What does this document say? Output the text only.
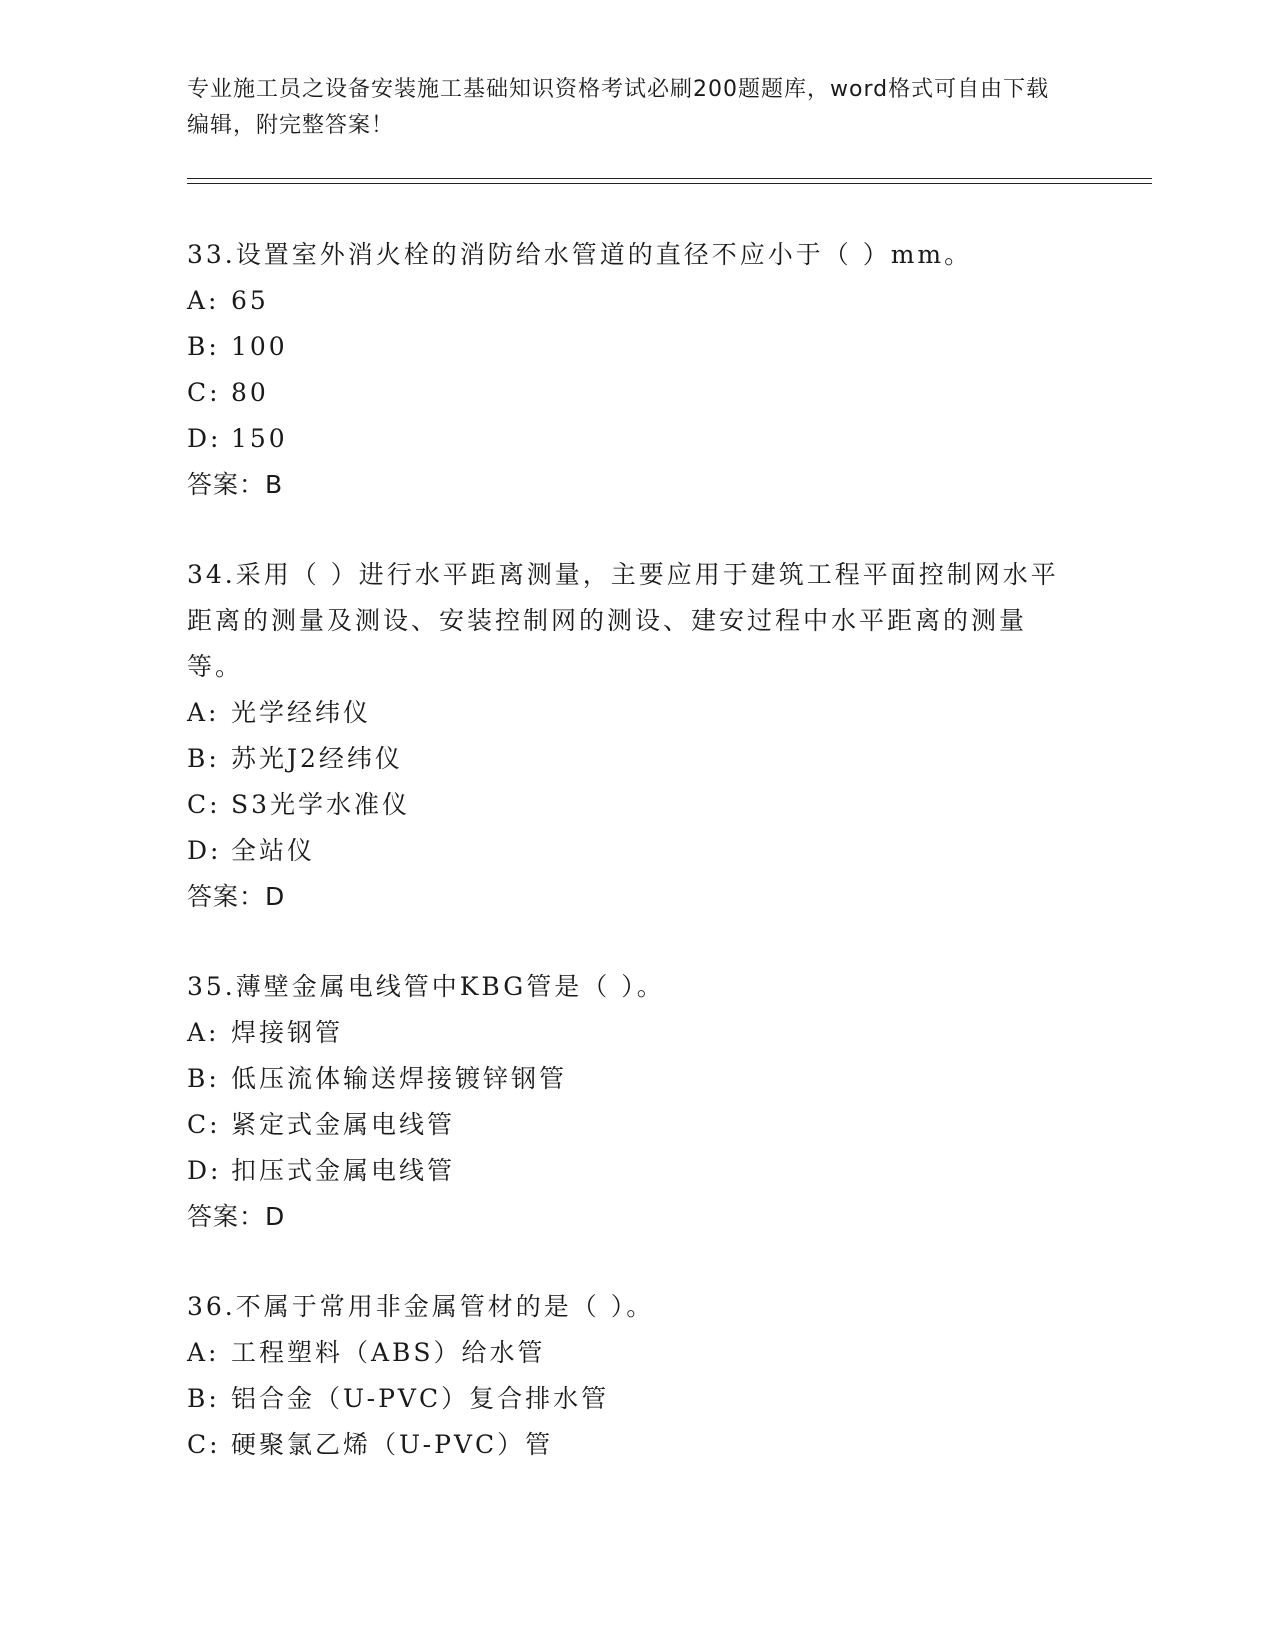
专业施工员之设备安装施工基础知识资格考试必刷200题题库，word格式可自由下载编辑，附完整答案！
33.设置室外消火栓的消防给水管道的直径不应小于（ ）mm。
A: 65
B: 100
C: 80
D: 150
答案：B
34.采用（ ）进行水平距离测量，主要应用于建筑工程平面控制网水平距离的测量及测设、安装控制网的测设、建安过程中水平距离的测量等。
A: 光学经纬仪
B: 苏光J2经纬仪
C: S3光学水准仪
D: 全站仪
答案：D
35.薄壁金属电线管中KBG管是（ ）。
A: 焊接钢管
B: 低压流体输送焊接镀锌钢管
C: 紧定式金属电线管
D: 扣压式金属电线管
答案：D
36.不属于常用非金属管材的是（ ）。
A: 工程塑料（ABS）给水管
B: 铝合金（U-PVC）复合排水管
C: 硬聚氯乙烯（U-PVC）管
